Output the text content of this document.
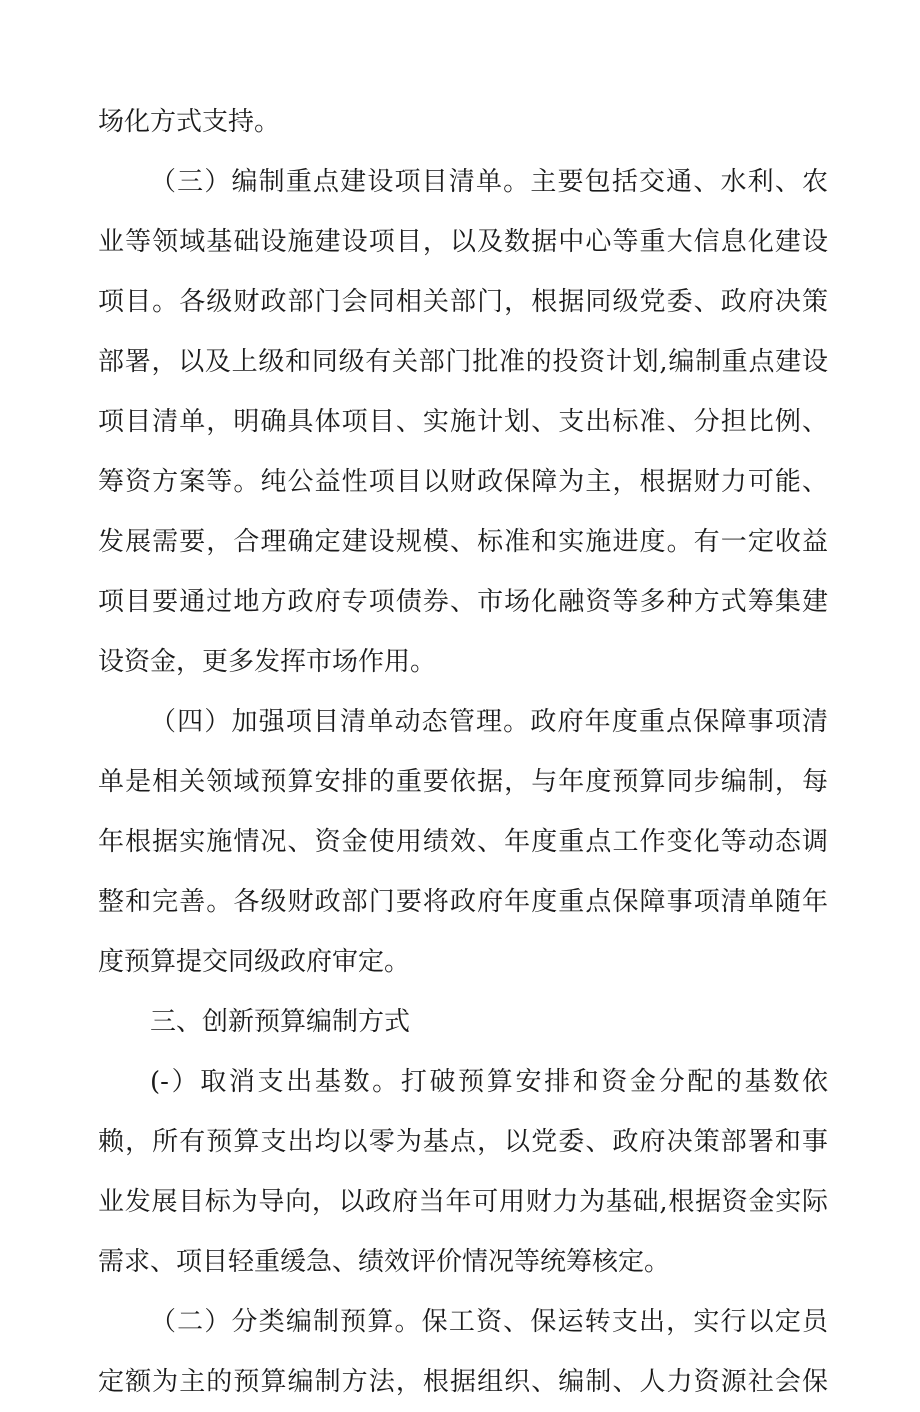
场化方式支持。
（三）编制重点建设项目清单。主要包括交通、水利、农
业等领域基础设施建设项目，以及数据中心等重大信息化建设
项目。各级财政部门会同相关部门，根据同级党委、政府决策
部署，以及上级和同级有关部门批准的投资计划,编制重点建设
项目清单，明确具体项目、实施计划、支出标准、分担比例、
筹资方案等。纯公益性项目以财政保障为主，根据财力可能、
发展需要，合理确定建设规模、标准和实施进度。有一定收益
项目要通过地方政府专项债券、市场化融资等多种方式筹集建
设资金，更多发挥市场作用。
（四）加强项目清单动态管理。政府年度重点保障事项清
单是相关领域预算安排的重要依据，与年度预算同步编制，每
年根据实施情况、资金使用绩效、年度重点工作变化等动态调
整和完善。各级财政部门要将政府年度重点保障事项清单随年
度预算提交同级政府审定。
三、创新预算编制方式
(-）取消支出基数。打破预算安排和资金分配的基数依
赖，所有预算支出均以零为基点，以党委、政府决策部署和事
业发展目标为导向，以政府当年可用财力为基础,根据资金实际
需求、项目轻重缓急、绩效评价情况等统筹核定。
（二）分类编制预算。保工资、保运转支出，实行以定员
定额为主的预算编制方法，根据组织、编制、人力资源社会保
